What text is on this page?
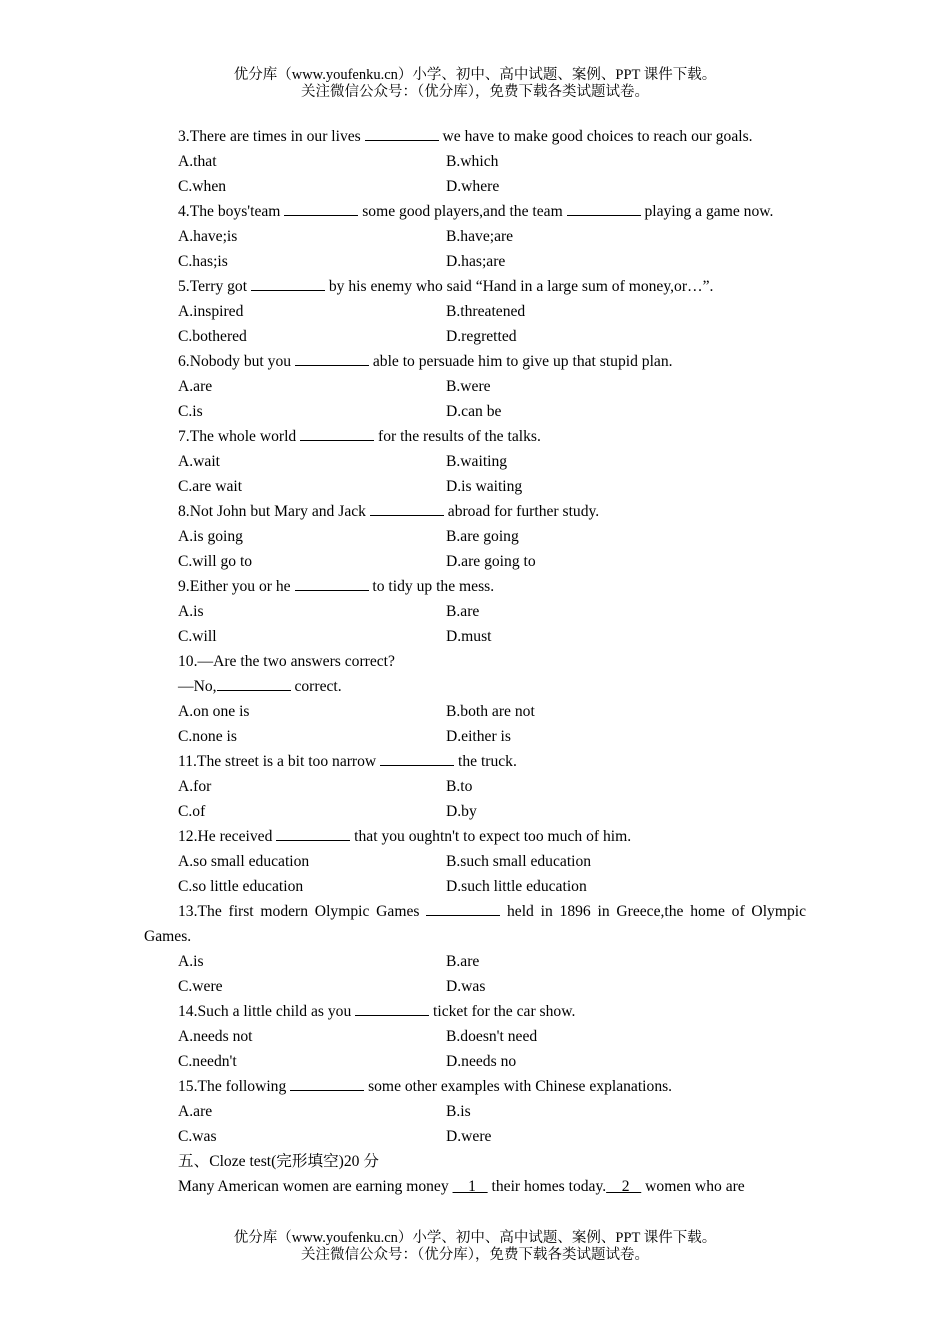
优分库（www.youfenku.cn）小学、初中、高中试题、案例、PPT 课件下载。
关注微信公众号：（优分库），免费下载各类试题试卷。
3.There are times in our lives	we have to make good choices to reach our goals.
A.that	B.which
C.when	D.where
4.The boys'team	some good players,and the team	playing a game now.
A.have;is	B.have;are
C.has;is	D.has;are
5.Terry got	by his enemy who said “Hand in a large sum of money,or…”.
A.inspired	B.threatened
C.bothered	D.regretted
6.Nobody but you	able to persuade him to give up that stupid plan.
A.are	B.were
C.is	D.can be
7.The whole world	for the results of the talks.
A.wait	B.waiting
C.are wait	D.is waiting
8.Not John but Mary and Jack	abroad for further study.
A.is going	B.are going
C.will go to	D.are going to
9.Either you or he	to tidy up the mess.
A.is	B.are
C.will	D.must
10.—Are the two answers correct?
—No,	correct.
A.on one is	B.both are not
C.none is	D.either is
11.The street is a bit too narrow	the truck.
A.for	B.to
C.of	D.by
12.He received	that you oughtn't to expect too much of him.
A.so small education	B.such small education
C.so little education	D.such little education
13.The first modern Olympic Games	held in 1896 in Greece,the home of Olympic Games.
A.is	B.are
C.were	D.was
14.Such a little child as you	ticket for the car show.
A.needs not	B.doesn't need
C.needn't	D.needs no
15.The following	some other examples with Chinese explanations.
A.are	B.is
C.was	D.were
五、Cloze test(完形填空)20 分
Many American women are earning money     1    their homes today.    2    women who are
优分库（www.youfenku.cn）小学、初中、高中试题、案例、PPT 课件下载。
关注微信公众号：（优分库），免费下载各类试题试卷。
